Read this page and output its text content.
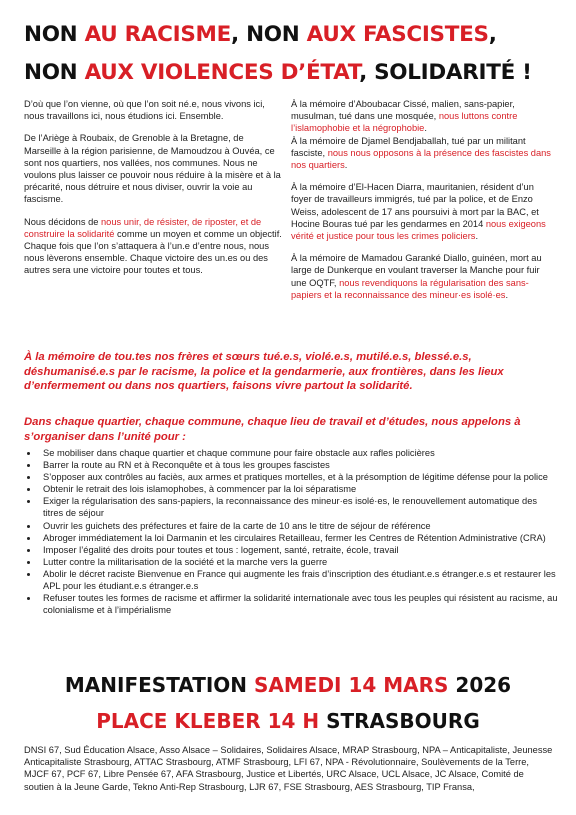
NON AU RACISME, NON AUX FASCISTES,
NON AUX VIOLENCES D’ÉTAT, SOLIDARITÉ !

D’où que l’on vienne, où que l’on soit né.e, nous vivons ici, nous travaillons ici, nous étudions ici. Ensemble.

De l’Ariège à Roubaix, de Grenoble à la Bretagne, de Marseille à la région parisienne, de Mamoudzou à Ouvéa, ce sont nos quartiers, nos vallées, nos communes. Nous ne voulons plus laisser ce pouvoir nous réduire à la misère et à la précarité, nous détruire et nous diviser, ouvrir la voie au fascisme.

Nous décidons de nous unir, de résister, de riposter, et de construire la solidarité comme un moyen et comme un objectif. Chaque fois que l’on s’attaquera à l’un.e d’entre nous, nous nous lèverons ensemble. Chaque victoire des un.es ou des autres sera une victoire pour toutes et tous.

À la mémoire d’Aboubacar Cissé, malien, sans-papier, musulman, tué dans une mosquée, nous luttons contre l’islamophobie et la négrophobie.
À la mémoire de Djamel Bendjaballah, tué par un militant fasciste, nous nous opposons à la présence des fascistes dans nos quartiers.

À la mémoire d’El-Hacen Diarra, mauritanien, résident d’un foyer de travailleurs immigrés, tué par la police, et de Enzo Weiss, adolescent de 17 ans poursuivi à mort par la BAC, et Hocine Bouras tué par les gendarmes en 2014 nous exigeons vérité et justice pour tous les crimes policiers.

À la mémoire de Mamadou Garanké Diallo, guinéen, mort au large de Dunkerque en voulant traverser la Manche pour fuir une OQTF, nous revendiquons la régularisation des sans-papiers et la reconnaissance des mineur·es isolé·es.

À la mémoire de tou.tes nos frères et sœurs tué.e.s, violé.e.s, mutilé.e.s, blessé.e.s, déshumanisé.e.s par le racisme, la police et la gendarmerie, aux frontières, dans les lieux d’enfermement ou dans nos quartiers, faisons vivre partout la solidarité.
Dans chaque quartier, chaque commune, chaque lieu de travail et d’études, nous appelons à s’organiser dans l’unité pour :
• Se mobiliser dans chaque quartier et chaque commune pour faire obstacle aux rafles policières
• Barrer la route au RN et à Reconquête et à tous les groupes fascistes
• S’opposer aux contrôles au faciès, aux armes et pratiques mortelles, et à la présomption de légitime défense pour la police
• Obtenir le retrait des lois islamophobes, à commencer par la loi séparatisme
• Exiger la régularisation des sans-papiers, la reconnaissance des mineur·es isolé·es, le renouvellement automatique des titres de séjour
• Ouvrir les guichets des préfectures et faire de la carte de 10 ans le titre de séjour de référence
• Abroger immédiatement la loi Darmanin et les circulaires Retailleau, fermer les Centres de Rétention Administrative (CRA)
• Imposer l’égalité des droits pour toutes et tous : logement, santé, retraite, école, travail
• Lutter contre la militarisation de la société et la marche vers la guerre
• Abolir le décret raciste Bienvenue en France qui augmente les frais d’inscription des étudiant.e.s étranger.e.s et restaurer les APL pour les étudiant.e.s étranger.e.s
• Refuser toutes les formes de racisme et affirmer la solidarité internationale avec tous les peuples qui résistent au racisme, au colonialisme et à l’impérialisme
MANIFESTATION SAMEDI 14 MARS 2026
PLACE KLEBER 14 H STRASBOURG
DNSI 67, Sud Éducation Alsace, Asso Alsace – Solidaires, Solidaires Alsace, MRAP Strasbourg, NPA – Anticapitaliste, Jeunesse Anticapitaliste Strasbourg, ATTAC Strasbourg, ATMF Strasbourg, LFI 67, NPA - Révolutionnaire, Soulèvements de la Terre, MJCF 67, PCF 67, Libre Pensée 67, AFA Strasbourg, Justice et Libertés, URC Alsace, UCL Alsace, JC Alsace, Comité de soutien à la Jeune Garde, Tekno Anti-Rep Strasbourg, LJR 67, FSE Strasbourg, AES Strasbourg, TIP Fransa,
